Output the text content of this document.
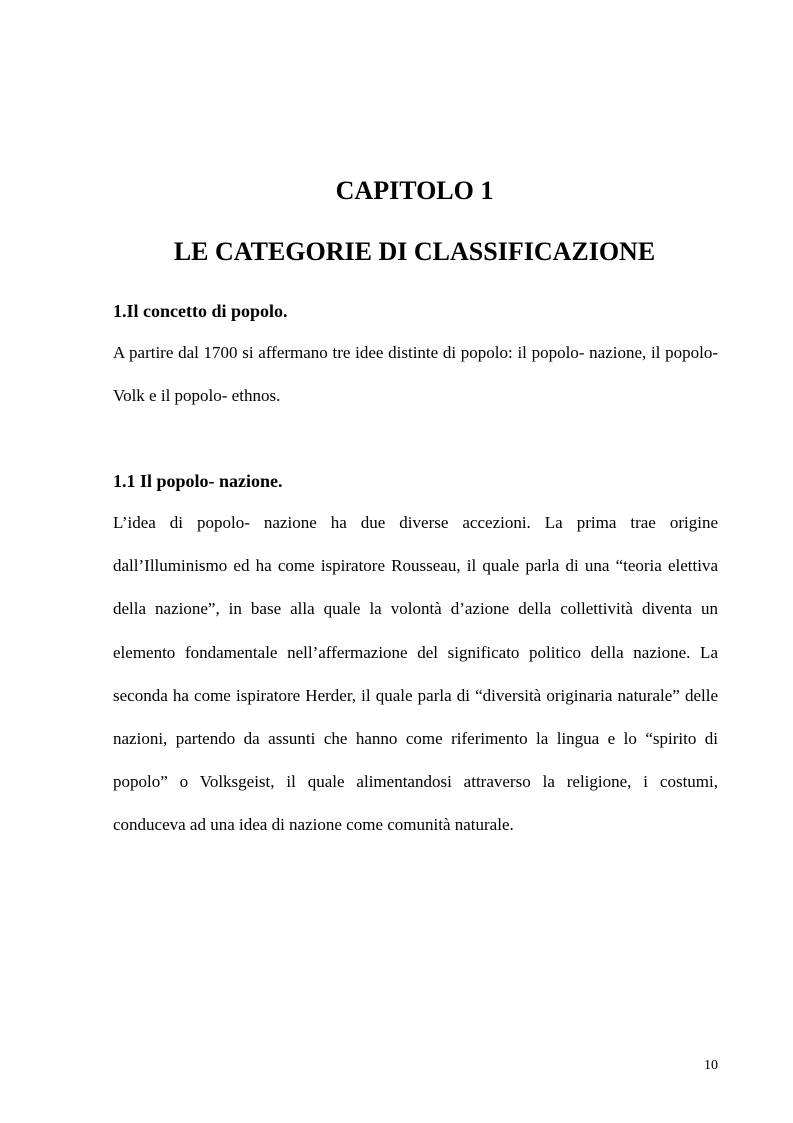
CAPITOLO 1
LE CATEGORIE DI CLASSIFICAZIONE
1.Il concetto di popolo.

A partire dal 1700 si affermano tre idee distinte di popolo: il popolo- nazione, il popolo- Volk e il popolo- ethnos.

1.1 Il popolo- nazione.

L’idea di popolo- nazione ha due diverse accezioni. La prima trae origine dall’Illuminismo ed ha come ispiratore Rousseau, il quale parla di una “teoria elettiva della nazione”, in base alla quale la volontà d’azione della collettività diventa un elemento fondamentale nell’affermazione del significato politico della nazione. La seconda ha come ispiratore Herder, il quale parla di “diversità originaria naturale” delle nazioni, partendo da assunti che hanno come riferimento la lingua e lo “spirito di popolo” o Volksgeist, il quale alimentandosi attraverso la religione, i costumi, conduceva ad una idea di nazione come comunità naturale.

10
